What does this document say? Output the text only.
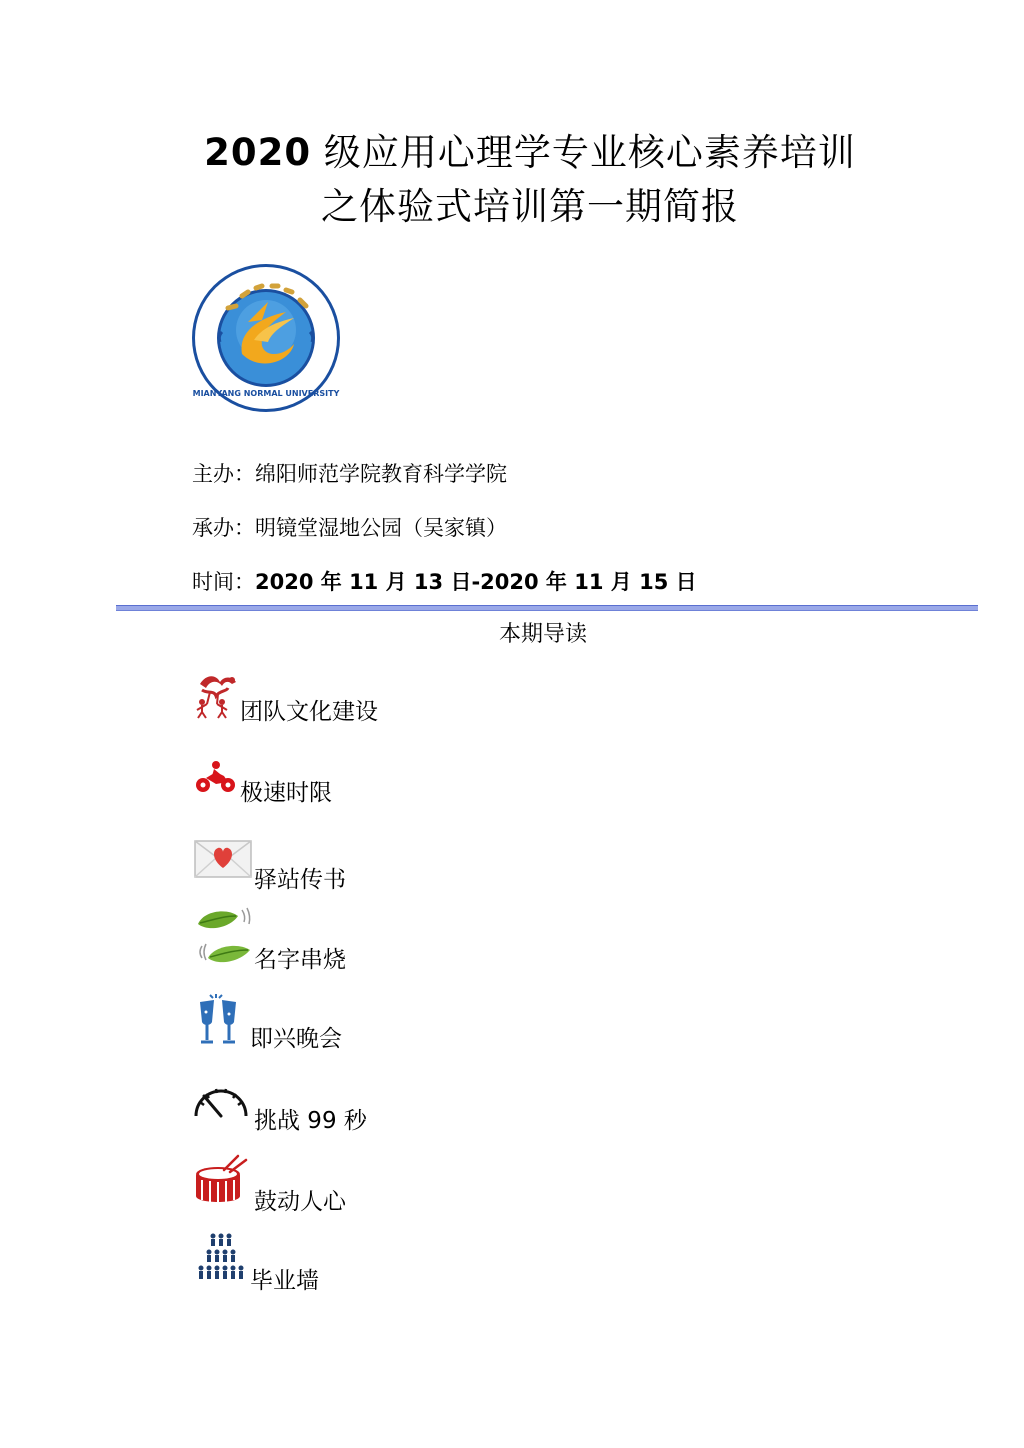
2020 级应用心理学专业核心素养培训
之体验式培训第一期简报
MIANYANG NORMAL UNIVERSITY
主办：绵阳师范学院教育科学学院
承办：明镜堂湿地公园（吴家镇）
时间：2020 年 11 月 13 日-2020 年 11 月 15 日
本期导读
团队文化建设
极速时限
驿站传书
名字串烧
即兴晚会
挑战 99 秒
鼓动人心
毕业墙
